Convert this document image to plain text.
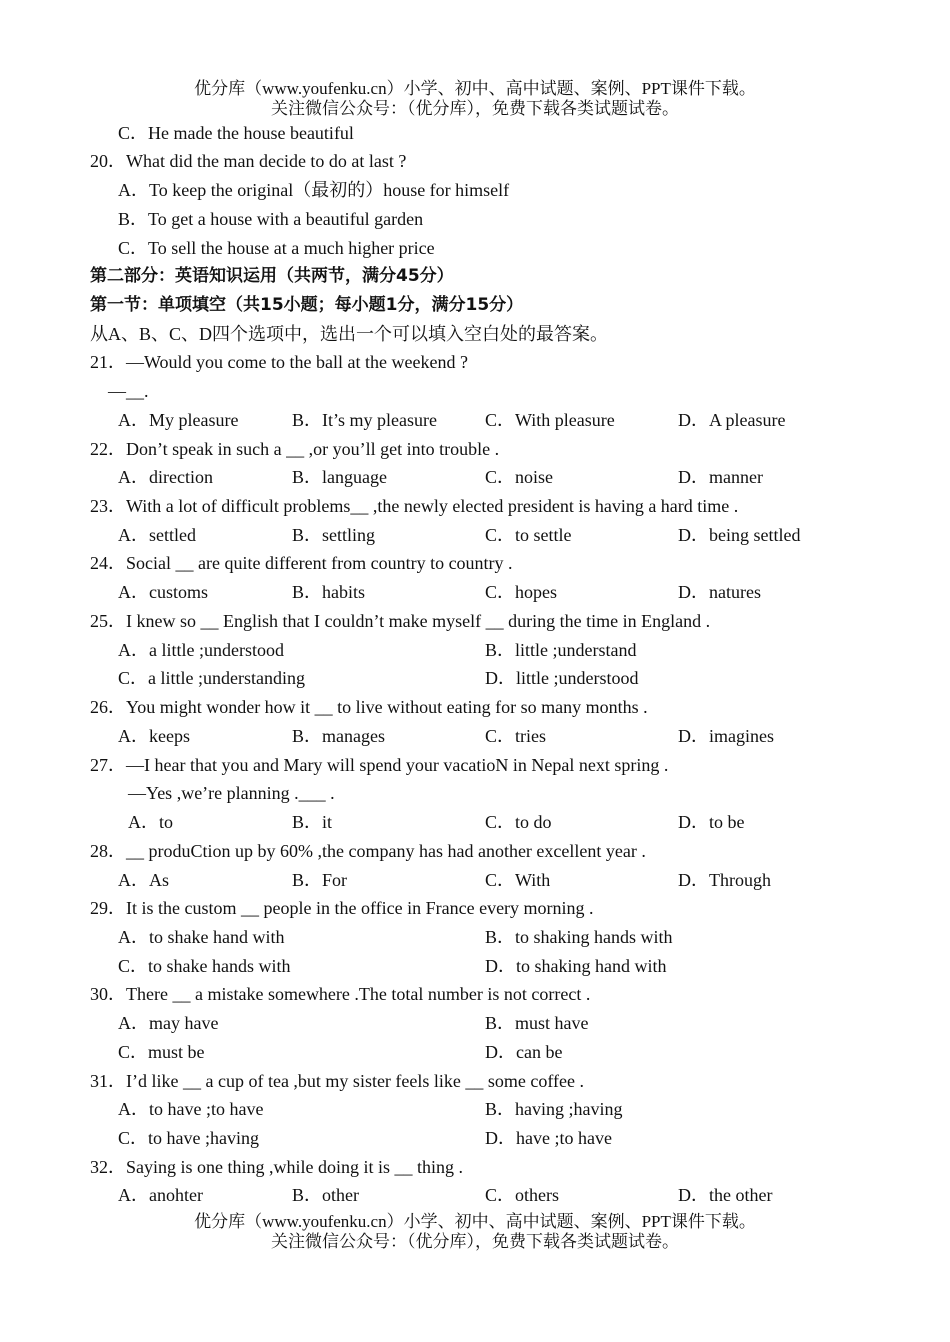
优分库（www.youfenku.cn）小学、初中、高中试题、案例、PPT课件下载。
关注微信公众号：（优分库），免费下载各类试题试卷。
C．He made the house beautiful
20．What did the man decide to do at last ?
A．To keep the original（最初的）house for himself
B．To get a house with a beautiful garden
C．To sell the house at a much higher price
第二部分：英语知识运用（共两节，满分45分）
第一节：单项填空（共15小题；每小题1分，满分15分）
从A、B、C、D四个选项中，选出一个可以填入空白处的最答案。
21．—Would you come to the ball at the weekend ?
—__.
A．My pleasure	B．It’s my pleasure	C．With pleasure	D．A pleasure
22．Don’t speak in such a __ ,or you’ll get into trouble .
A．direction	B．language	C．noise	D．manner
23．With a lot of difficult problems__ ,the newly elected president is having a hard time .
A．settled	B．settling	C．to settle	D．being settled
24．Social __ are quite different from country to country .
A．customs	B．habits	C．hopes	D．natures
25．I knew so __ English that I couldn’t make myself __ during the time in England .
A．a little ;understood	B．little ;understand
C．a little ;understanding	D．little ;understood
26．You might wonder how it __ to live without eating for so many months .
A．keeps	B．manages	C．tries	D．imagines
27．—I hear that you and Mary will spend your vacatioN in Nepal next spring .
—Yes ,we’re planning .___ .
A．to	B．it	C．to do	D．to be
28．__ produCtion up by 60% ,the company has had another excellent year .
A．As	B．For	C．With	D．Through
29．It is the custom __ people in the office in France every morning .
A．to shake hand with	B．to shaking hands with
C．to shake hands with	D．to shaking hand with
30．There __ a mistake somewhere .The total number is not correct .
A．may have	B．must have
C．must be	D．can be
31．I’d like __ a cup of tea ,but my sister feels like __ some coffee .
A．to have ;to have	B．having ;having
C．to have ;having	D．have ;to have
32．Saying is one thing ,while doing it is __ thing .
A．anohter	B．other	C．others	D．the other
优分库（www.youfenku.cn）小学、初中、高中试题、案例、PPT课件下载。
关注微信公众号：（优分库），免费下载各类试题试卷。
